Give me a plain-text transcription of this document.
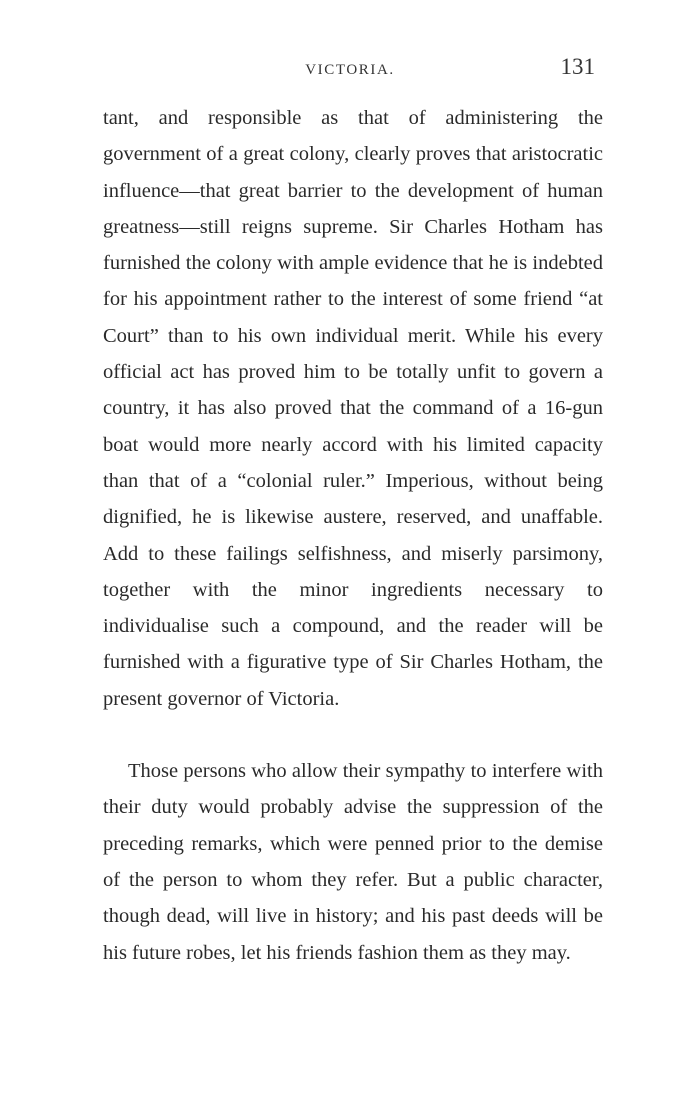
VICTORIA.	131

tant, and responsible as that of administering the government of a great colony, clearly proves that aristocratic influence—that great barrier to the development of human greatness—still reigns supreme. Sir Charles Hotham has furnished the colony with ample evidence that he is indebted for his appointment rather to the interest of some friend “at Court” than to his own individual merit. While his every official act has proved him to be totally unfit to govern a country, it has also proved that the command of a 16-gun boat would more nearly accord with his limited capacity than that of a “colonial ruler.” Imperious, without being dignified, he is likewise austere, reserved, and unaffable. Add to these failings selfishness, and miserly parsimony, together with the minor ingredients necessary to individualise such a compound, and the reader will be furnished with a figurative type of Sir Charles Hotham, the present governor of Victoria.

Those persons who allow their sympathy to interfere with their duty would probably advise the suppression of the preceding remarks, which were penned prior to the demise of the person to whom they refer. But a public character, though dead, will live in history; and his past deeds will be his future robes, let his friends fashion them as they may.
